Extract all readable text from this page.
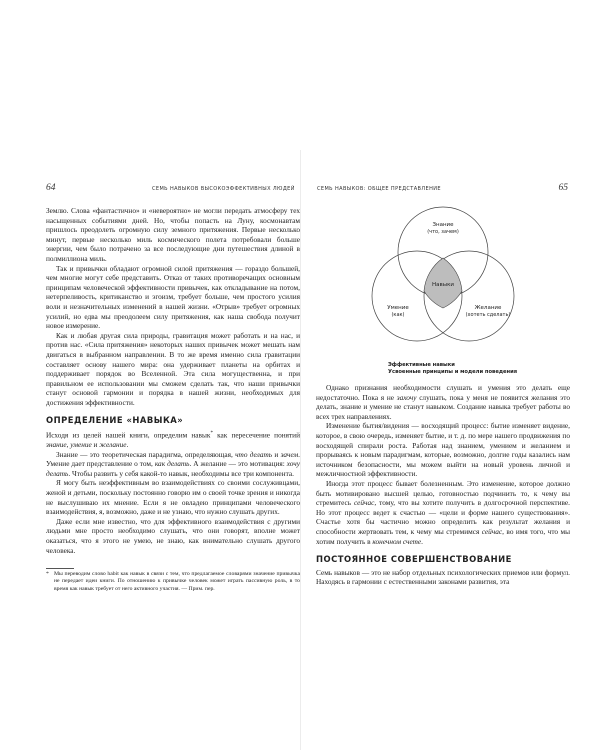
64	СЕМЬ НАВЫКОВ ВЫСОКОЭФФЕКТИВНЫХ ЛЮДЕЙ

Землю. Слова «фантастично» и «невероятно» не могли передать атмосферу тех насыщенных событиями дней. Но, чтобы попасть на Луну, космонавтам пришлось преодолеть огромную силу земного притяжения. Первые несколько минут, первые несколько миль космического полета потребовали больше энергии, чем было потрачено за все последующие дни путешествия длиной в полмиллиона миль.

Так и привычки обладают огромной силой притяжения — гораздо большей, чем многие могут себе представить. Отказ от таких противоречащих основным принципам человеческой эффективности привычек, как откладывание на потом, нетерпеливость, критиканство и эгоизм, требует больше, чем простого усилия воли и незначительных изменений в нашей жизни. «Отрыв» требует огромных усилий, но едва мы преодолеем силу притяжения, как наша свобода получит новое измерение.

Как и любая другая сила природы, гравитация может работать и на нас, и против нас. «Сила притяжения» некоторых наших привычек может мешать нам двигаться в выбранном направлении. В то же время именно сила гравитации составляет основу нашего мира: она удерживает планеты на орбитах и поддерживает порядок во Вселенной. Эта сила могущественна, и при правильном ее использовании мы сможем сделать так, что наши привычки станут основой гармонии и порядка в нашей жизни, необходимых для достижения эффективности.

ОПРЕДЕЛЕНИЕ «НАВЫКА»

Исходя из целей нашей книги, определим навык* как пересечение понятий знание, умение и желание.

Знание — это теоретическая парадигма, определяющая, что делать и зачем. Умение дает представление о том, как делать. А желание — это мотивация: хочу делать. Чтобы развить у себя какой-то навык, необходимы все три компонента.

Я могу быть неэффективным во взаимодействиях со своими сослуживцами, женой и детьми, поскольку постоянно говорю им о своей точке зрения и никогда не выслушиваю их мнение. Если я не овладею принципами человеческого взаимодействия, я, возможно, даже и не узнаю, что нужно слушать других.

Даже если мне известно, что для эффективного взаимодействия с другими людьми мне просто необходимо слушать, что они говорят, вполне может оказаться, что я этого не умею, не знаю, как внимательно слушать другого человека.

* Мы переводим слово habit как навык в связи с тем, что предлагаемое словарями значение привычка не передает идеи книги. По отношению к привычке человек может играть пассивную роль, в то время как навык требует от него активного участия. — Прим. пер.
65
СЕМЬ НАВЫКОВ: ОБЩЕЕ ПРЕДСТАВЛЕНИЕ
Знание
(что, зачем)
Навыки
Умение
(как)
Желание
(хотеть сделать)
Эффективные навыки
Усвоенные принципы и модели поведения

Однако признания необходимости слушать и умения это делать еще недостаточно. Пока я не захочу слушать, пока у меня не появится желания это делать, знание и умение не станут навыком. Создание навыка требует работы во всех трех направлениях.

Изменение бытия/видения — восходящий процесс: бытие изменяет видение, которое, в свою очередь, изменяет бытие, и т. д. по мере нашего продвижения по восходящей спирали роста. Работая над знанием, умением и желанием и прорываясь к новым парадигмам, которые, возможно, долгие годы казались нам источником безопасности, мы можем выйти на новый уровень личной и межличностной эффективности.

Иногда этот процесс бывает болезненным. Это изменение, которое должно быть мотивировано высшей целью, готовностью подчинить то, к чему вы стремитесь сейчас, тому, что вы хотите получить в долгосрочной перспективе. Но этот процесс ведет к счастью — «цели и форме нашего существования». Счастье хотя бы частично можно определить как результат желания и способности жертвовать тем, к чему мы стремимся сейчас, во имя того, что мы хотим получить в конечном счете.

ПОСТОЯННОЕ СОВЕРШЕНСТВОВАНИЕ

Семь навыков — это не набор отдельных психологических приемов или формул. Находясь в гармонии с естественными законами развития, эта
